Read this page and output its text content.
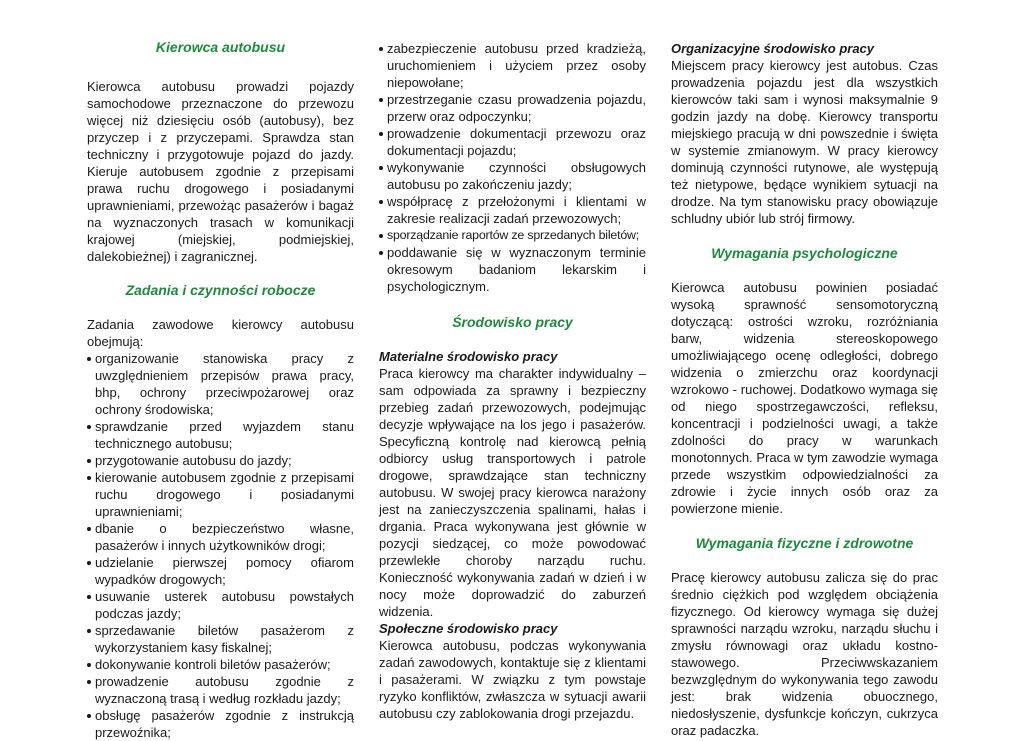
Kierowca autobusu

Kierowca autobusu prowadzi pojazdy samochodowe przeznaczone do przewozu więcej niż dziesięciu osób (autobusy), bez przyczep i z przyczepami. Sprawdza stan techniczny i przygotowuje pojazd do jazdy. Kieruje autobusem zgodnie z przepisami prawa ruchu drogowego i posiadanymi uprawnieniami, przewożąc pasażerów i bagaż na wyznaczonych trasach w komunikacji krajowej (miejskiej, podmiejskiej, dalekobieżnej) i zagranicznej.

Zadania i czynności robocze

Zadania zawodowe kierowcy autobusu obejmują:

organizowanie stanowiska pracy z uwzględnieniem przepisów prawa pracy, bhp, ochrony przeciwpożarowej oraz ochrony środowiska;
sprawdzanie przed wyjazdem stanu technicznego autobusu;
przygotowanie autobusu do jazdy;
kierowanie autobusem zgodnie z przepisami ruchu drogowego i posiadanymi uprawnieniami;
dbanie o bezpieczeństwo własne, pasażerów i innych użytkowników drogi;
udzielanie pierwszej pomocy ofiarom wypadków drogowych;
usuwanie usterek autobusu powstałych podczas jazdy;
sprzedawanie biletów pasażerom z wykorzystaniem kasy fiskalnej;
dokonywanie kontroli biletów pasażerów;
prowadzenie autobusu zgodnie z wyznaczoną trasą i według rozkładu jazdy;
obsługę pasażerów zgodnie z instrukcją przewoźnika;
zabezpieczenie autobusu przed kradzieżą, uruchomieniem i użyciem przez osoby niepowołane;
przestrzeganie czasu prowadzenia pojazdu, przerw oraz odpoczynku;
prowadzenie dokumentacji przewozu oraz dokumentacji pojazdu;
wykonywanie czynności obsługowych autobusu po zakończeniu jazdy;
współpracę z przełożonymi i klientami w zakresie realizacji zadań przewozowych;
sporządzanie raportów ze sprzedanych biletów;
poddawanie się w wyznaczonym terminie okresowym badaniom lekarskim i psychologicznym.
Środowisko pracy
Materialne środowisko pracy

Praca kierowcy ma charakter indywidualny – sam odpowiada za sprawny i bezpieczny przebieg zadań przewozowych, podejmując decyzje wpływające na los jego i pasażerów. Specyficzną kontrolę nad kierowcą pełnią odbiorcy usług transportowych i patrole drogowe, sprawdzające stan techniczny autobusu. W swojej pracy kierowca narażony jest na zanieczyszczenia spalinami, hałas i drgania. Praca wykonywana jest głównie w pozycji siedzącej, co może powodować przewlekłe choroby narządu ruchu. Konieczność wykonywania zadań w dzień i w nocy może doprowadzić do zaburzeń widzenia.

Społeczne środowisko pracy

Kierowca autobusu, podczas wykonywania zadań zawodowych, kontaktuje się z klientami i pasażerami. W związku z tym powstaje ryzyko konfliktów, zwłaszcza w sytuacji awarii autobusu czy zablokowania drogi przejazdu.

Organizacyjne środowisko pracy

Miejscem pracy kierowcy jest autobus. Czas prowadzenia pojazdu jest dla wszystkich kierowców taki sam i wynosi maksymalnie 9 godzin jazdy na dobę. Kierowcy transportu miejskiego pracują w dni powszednie i święta w systemie zmianowym. W pracy kierowcy dominują czynności rutynowe, ale występują też nietypowe, będące wynikiem sytuacji na drodze. Na tym stanowisku pracy obowiązuje schludny ubiór lub strój firmowy.

Wymagania psychologiczne

Kierowca autobusu powinien posiadać wysoką sprawność sensomotoryczną dotyczącą: ostrości wzroku, rozróżniania barw, widzenia stereoskopowego umożliwiającego ocenę odległości, dobrego widzenia o zmierzchu oraz koordynacji wzrokowo - ruchowej. Dodatkowo wymaga się od niego spostrzegawczości, refleksu, koncentracji i podzielności uwagi, a także zdolności do pracy w warunkach monotonnych. Praca w tym zawodzie wymaga przede wszystkim odpowiedzialności za zdrowie i życie innych osób oraz za powierzone mienie.

Wymagania fizyczne i zdrowotne

Pracę kierowcy autobusu zalicza się do prac średnio ciężkich pod względem obciążenia fizycznego. Od kierowcy wymaga się dużej sprawności narządu wzroku, narządu słuchu i zmysłu równowagi oraz układu kostno-stawowego. Przeciwwskazaniem bezwzględnym do wykonywania tego zawodu jest: brak widzenia obuocznego, niedosłyszenie, dysfunkcje kończyn, cukrzyca oraz padaczka.
